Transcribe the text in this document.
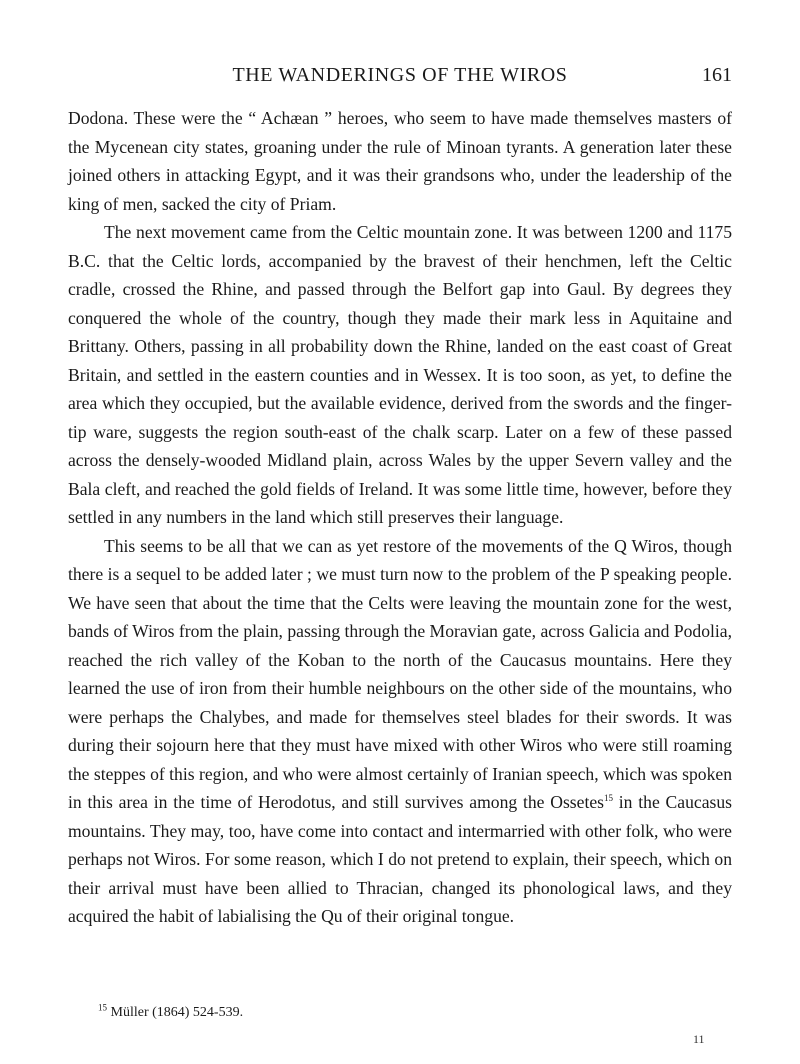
THE WANDERINGS OF THE WIROS	161

Dodona. These were the “ Achæan ” heroes, who seem to have made themselves masters of the Mycenean city states, groaning under the rule of Minoan tyrants. A generation later these joined others in attacking Egypt, and it was their grandsons who, under the leadership of the king of men, sacked the city of Priam.

The next movement came from the Celtic mountain zone. It was between 1200 and 1175 B.C. that the Celtic lords, accompanied by the bravest of their henchmen, left the Celtic cradle, crossed the Rhine, and passed through the Belfort gap into Gaul. By degrees they conquered the whole of the country, though they made their mark less in Aquitaine and Brittany. Others, passing in all probability down the Rhine, landed on the east coast of Great Britain, and settled in the eastern counties and in Wessex. It is too soon, as yet, to define the area which they occupied, but the available evidence, derived from the swords and the finger-tip ware, suggests the region south-east of the chalk scarp. Later on a few of these passed across the densely-wooded Midland plain, across Wales by the upper Severn valley and the Bala cleft, and reached the gold fields of Ireland. It was some little time, however, before they settled in any numbers in the land which still preserves their language.

This seems to be all that we can as yet restore of the movements of the Q Wiros, though there is a sequel to be added later ; we must turn now to the problem of the P speaking people. We have seen that about the time that the Celts were leaving the mountain zone for the west, bands of Wiros from the plain, passing through the Moravian gate, across Galicia and Podolia, reached the rich valley of the Koban to the north of the Caucasus mountains. Here they learned the use of iron from their humble neighbours on the other side of the mountains, who were perhaps the Chalybes, and made for themselves steel blades for their swords. It was during their sojourn here that they must have mixed with other Wiros who were still roaming the steppes of this region, and who were almost certainly of Iranian speech, which was spoken in this area in the time of Herodotus, and still survives among the Ossetes$^{15}$ in the Caucasus mountains. They may, too, have come into contact and intermarried with other folk, who were perhaps not Wiros. For some reason, which I do not pretend to explain, their speech, which on their arrival must have been allied to Thracian, changed its phonological laws, and they acquired the habit of labialising the Qu of their original tongue.

$^{15}$ Müller (1864) 524-539.
11
